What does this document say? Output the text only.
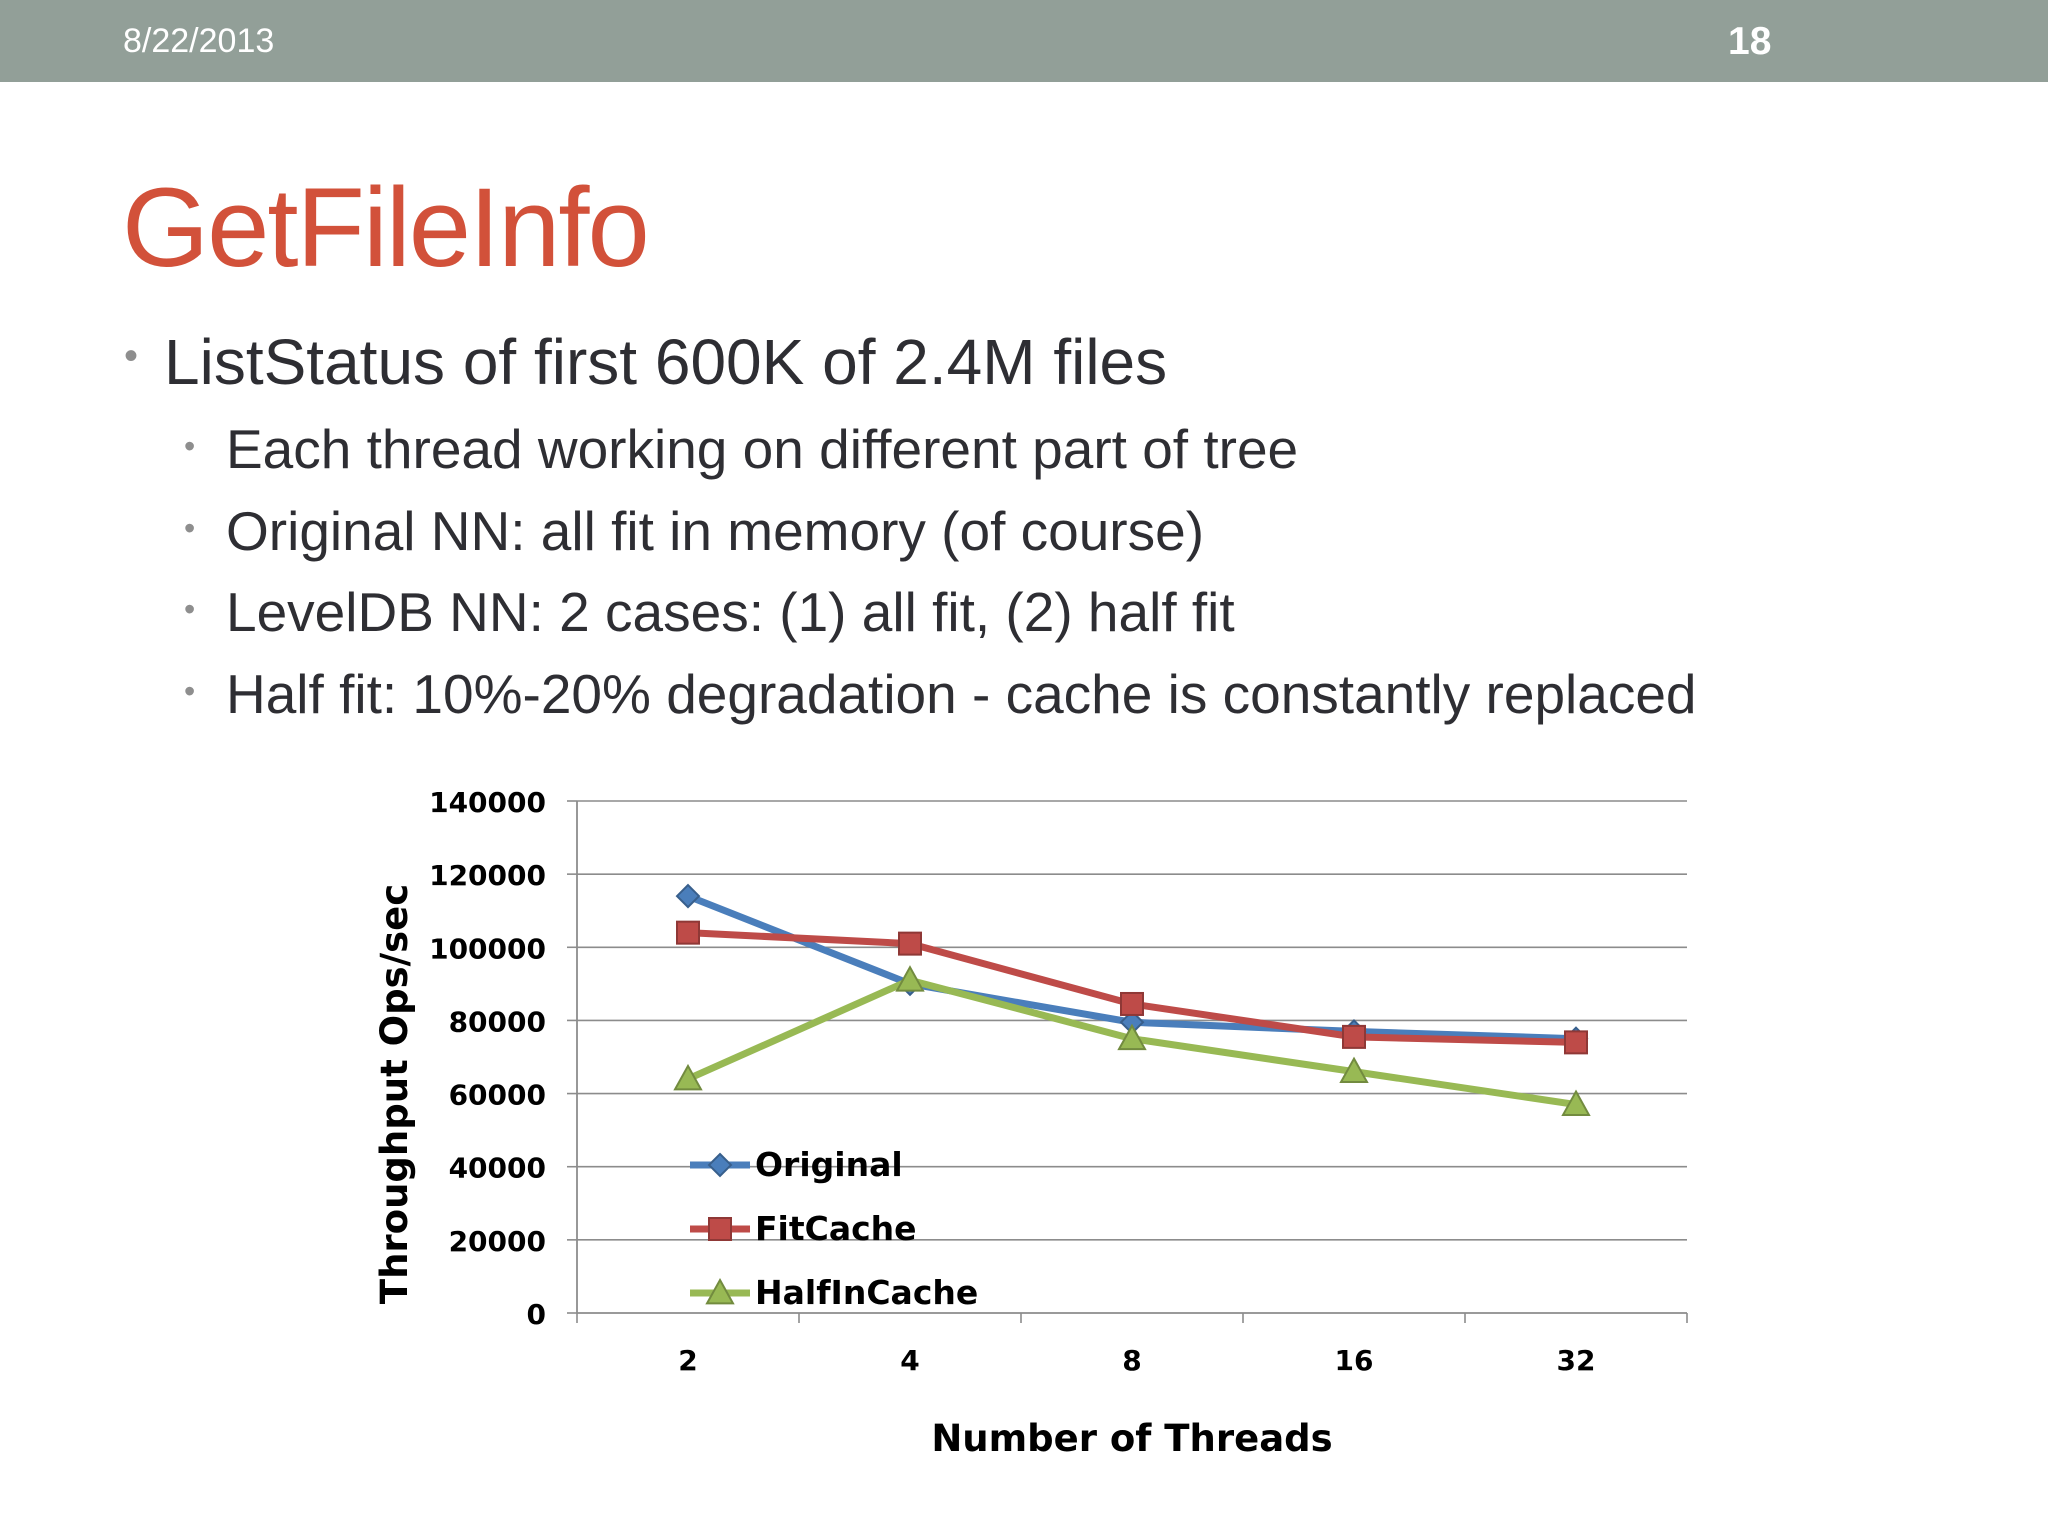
8/22/2013	18
GetFileInfo
• ListStatus of first 600K of 2.4M files
• Each thread working on different part of tree
• Original NN: all fit in memory (of course)
• LevelDB NN: 2 cases: (1) all fit, (2) half fit
• Half fit: 10%-20% degradation - cache is constantly replaced
0
20000
40000
60000
80000
100000
120000
140000
2	4	8	16	32
Original
FitCache
HalfInCache
Number of Threads
Throughput Ops/sec
